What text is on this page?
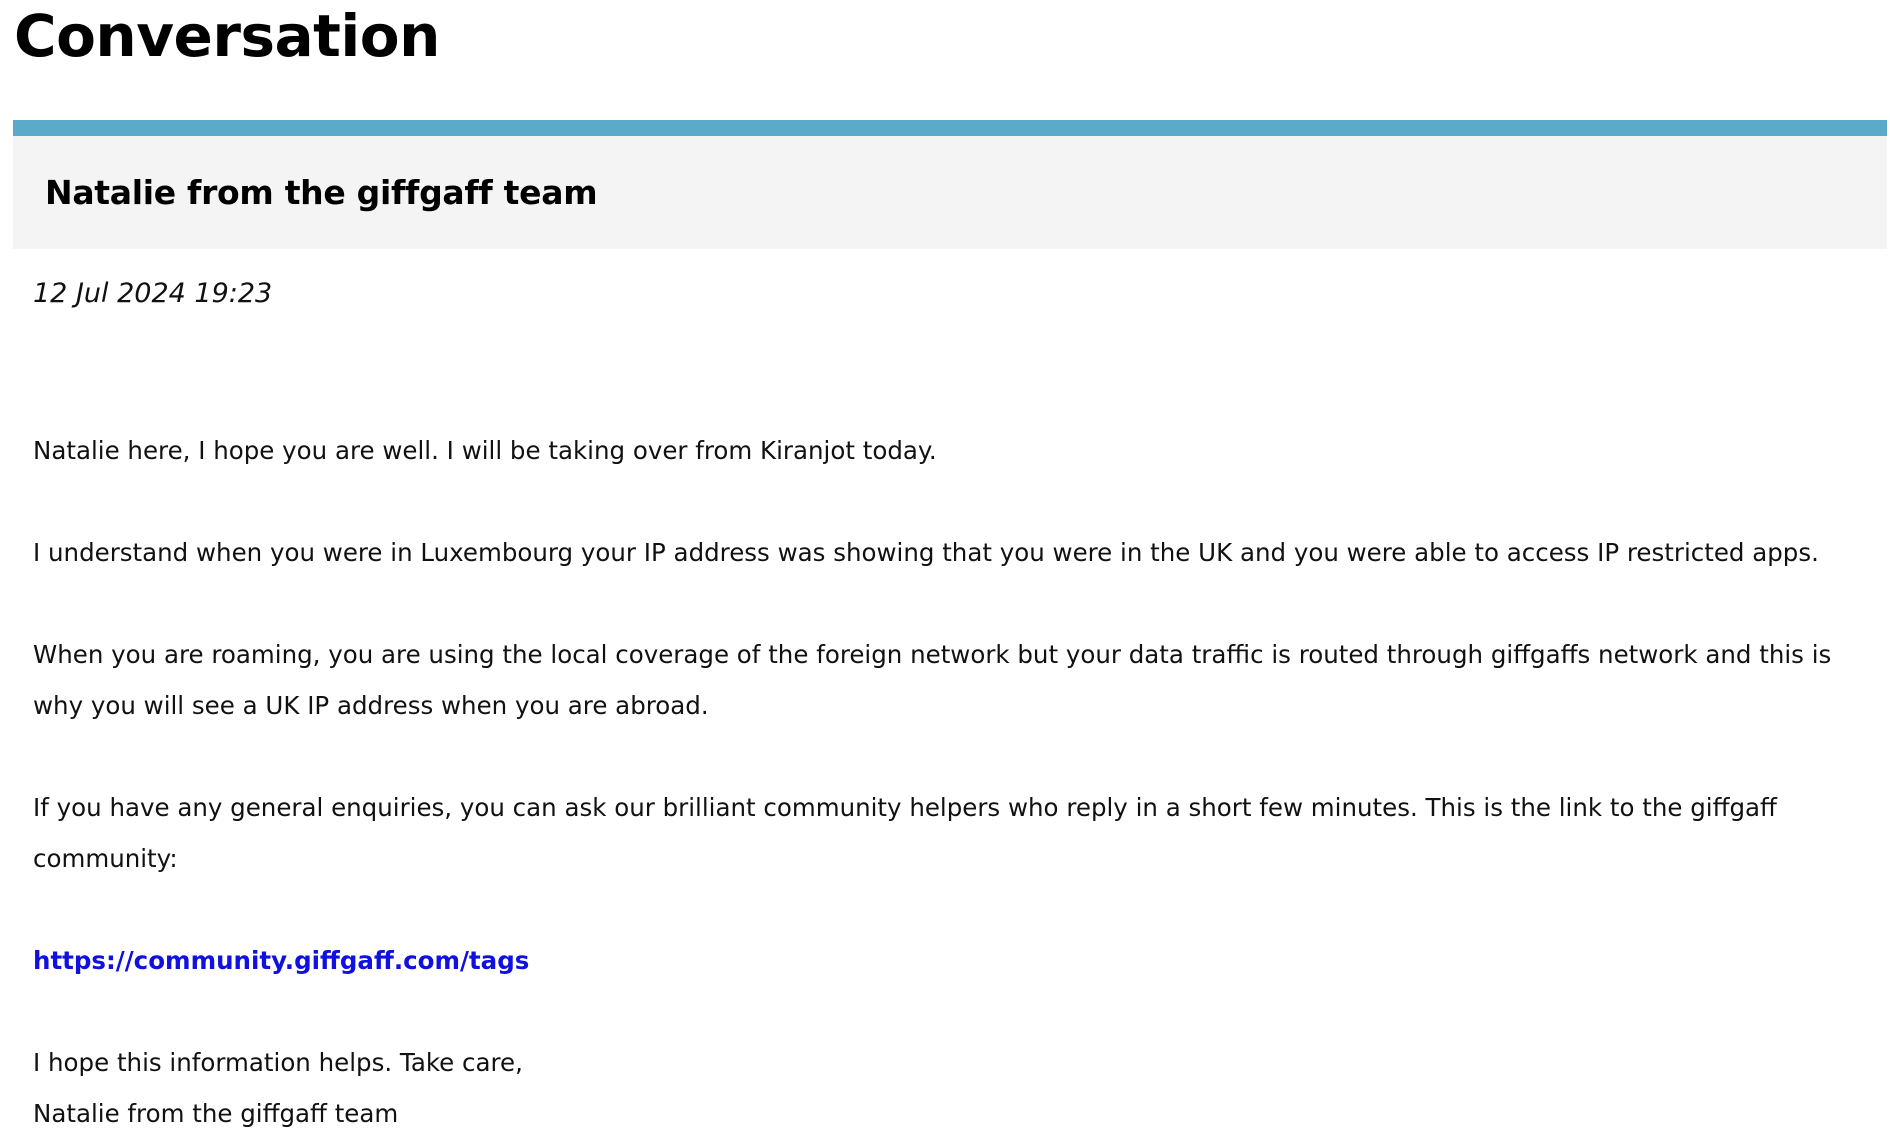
Conversation
Natalie from the giffgaff team
12 Jul 2024 19:23

Natalie here, I hope you are well. I will be taking over from Kiranjot today.

I understand when you were in Luxembourg your IP address was showing that you were in the UK and you were able to access IP restricted apps.

When you are roaming, you are using the local coverage of the foreign network but your data traffic is routed through giffgaffs network and this is why you will see a UK IP address when you are abroad.

If you have any general enquiries, you can ask our brilliant community helpers who reply in a short few minutes. This is the link to the giffgaff community:

https://community.giffgaff.com/tags

I hope this information helps. Take care,

Natalie from the giffgaff team
